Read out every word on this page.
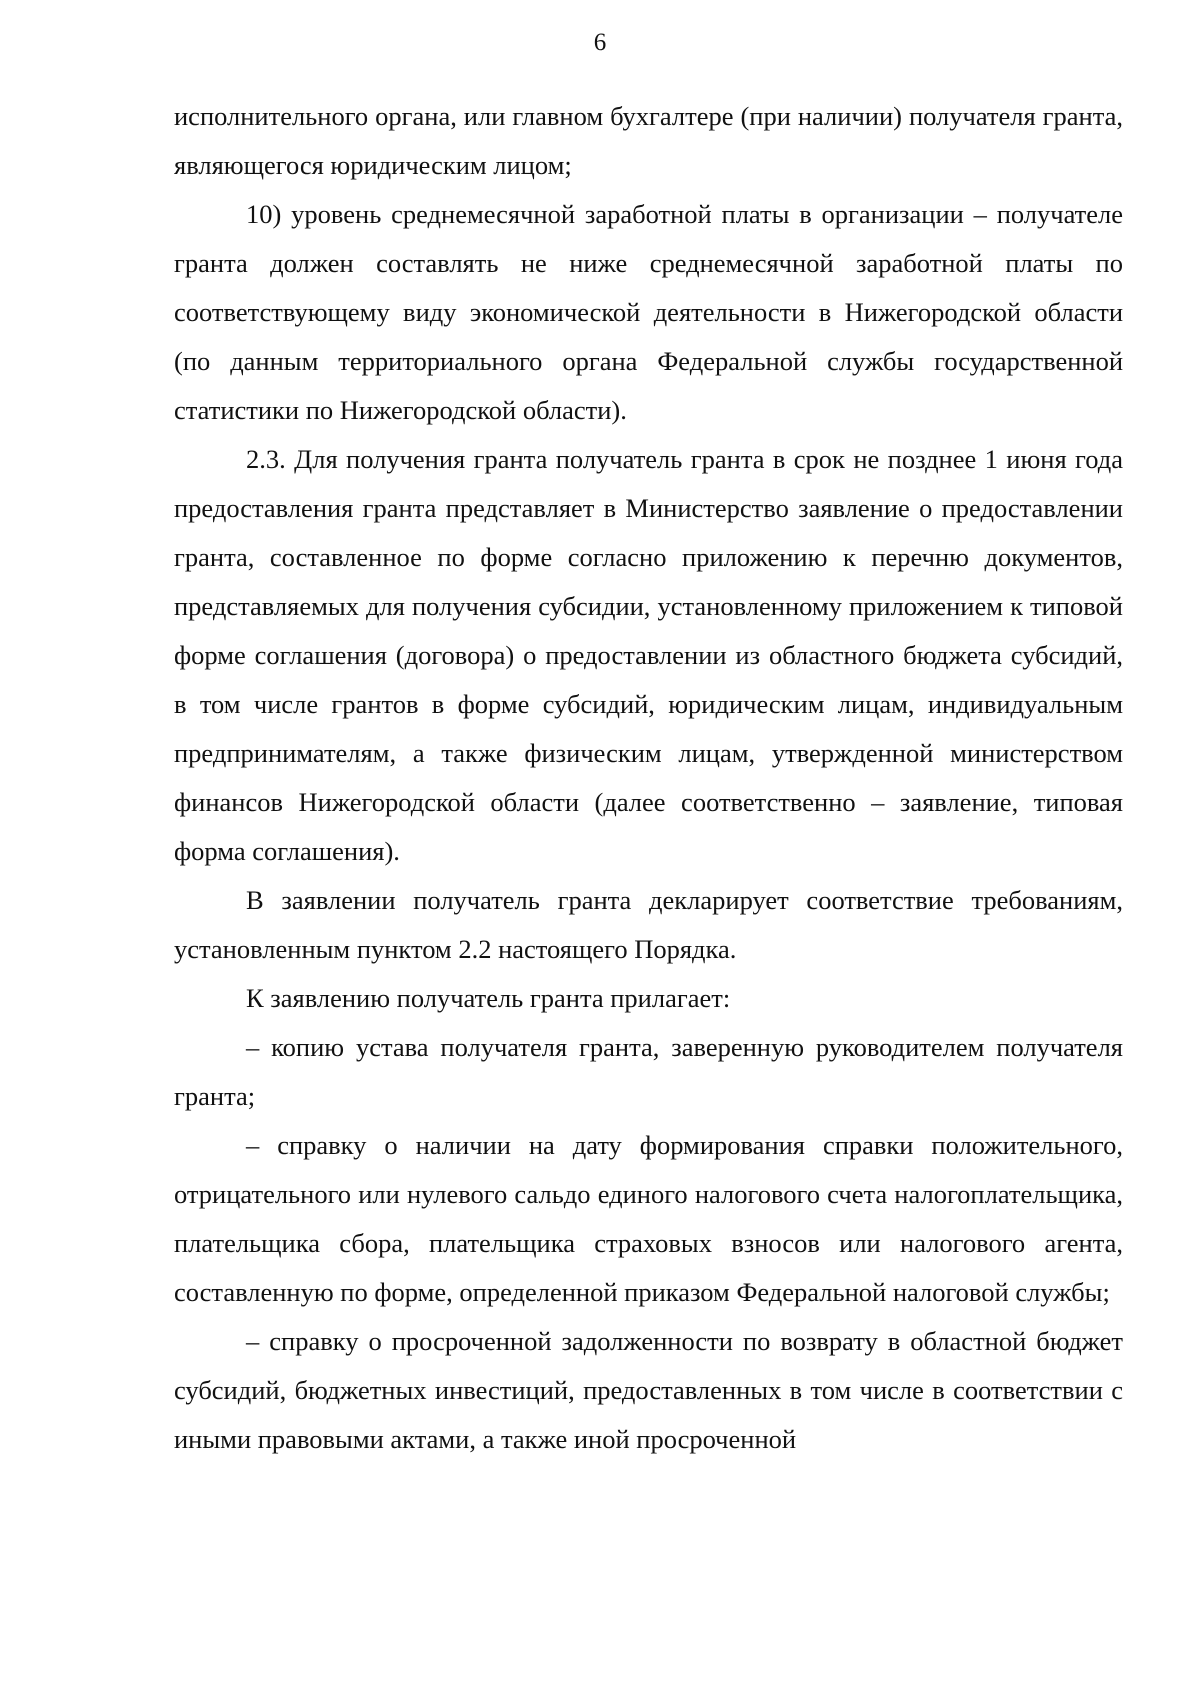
6

исполнительного органа, или главном бухгалтере (при наличии) получателя гранта, являющегося юридическим лицом;

10) уровень среднемесячной заработной платы в организации – получателе гранта должен составлять не ниже среднемесячной заработной платы по соответствующему виду экономической деятельности в Нижегородской области (по данным территориального органа Федеральной службы государственной статистики по Нижегородской области).

2.3. Для получения гранта получатель гранта в срок не позднее 1 июня года предоставления гранта представляет в Министерство заявление о предоставлении гранта, составленное по форме согласно приложению к перечню документов, представляемых для получения субсидии, установленному приложением к типовой форме соглашения (договора) о предоставлении из областного бюджета субсидий, в том числе грантов в форме субсидий, юридическим лицам, индивидуальным предпринимателям, а также физическим лицам, утвержденной министерством финансов Нижегородской области (далее соответственно – заявление, типовая форма соглашения).

В заявлении получатель гранта декларирует соответствие требованиям, установленным пунктом 2.2 настоящего Порядка.

К заявлению получатель гранта прилагает:

– копию устава получателя гранта, заверенную руководителем получателя гранта;

– справку о наличии на дату формирования справки положительного, отрицательного или нулевого сальдо единого налогового счета налогоплательщика, плательщика сбора, плательщика страховых взносов или налогового агента, составленную по форме, определенной приказом Федеральной налоговой службы;

– справку о просроченной задолженности по возврату в областной бюджет субсидий, бюджетных инвестиций, предоставленных в том числе в соответствии с иными правовыми актами, а также иной просроченной
